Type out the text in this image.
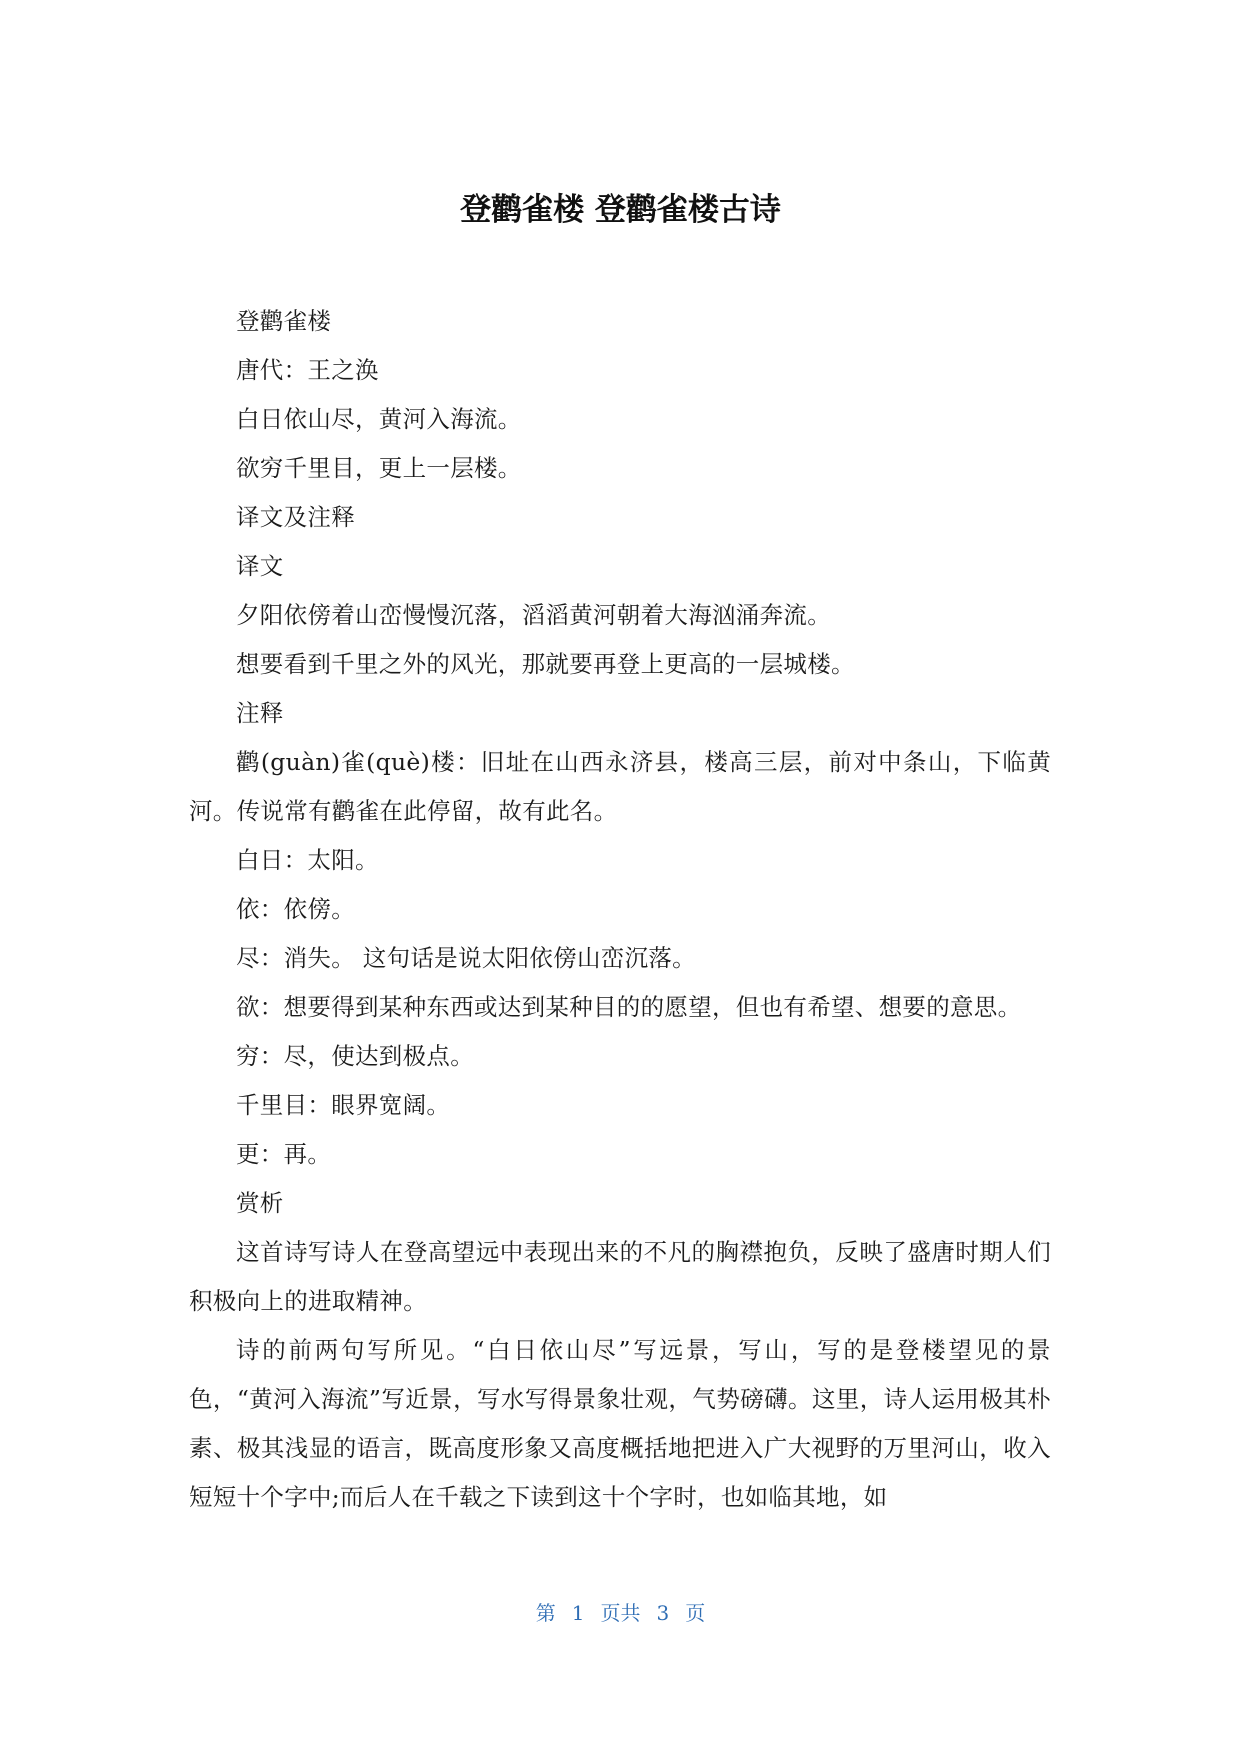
登鹳雀楼 登鹳雀楼古诗

登鹳雀楼

唐代：王之涣

白日依山尽，黄河入海流。

欲穷千里目，更上一层楼。

译文及注释

译文

夕阳依傍着山峦慢慢沉落，滔滔黄河朝着大海汹涌奔流。

想要看到千里之外的风光，那就要再登上更高的一层城楼。

注释

鹳(guàn)雀(què)楼：旧址在山西永济县，楼高三层，前对中条山，下临黄河。传说常有鹳雀在此停留，故有此名。

白日：太阳。

依：依傍。

尽：消失。 这句话是说太阳依傍山峦沉落。

欲：想要得到某种东西或达到某种目的的愿望，但也有希望、想要的意思。

穷：尽，使达到极点。

千里目：眼界宽阔。

更：再。

赏析

这首诗写诗人在登高望远中表现出来的不凡的胸襟抱负，反映了盛唐时期人们积极向上的进取精神。

诗的前两句写所见。“白日依山尽”写远景，写山，写的是登楼望见的景色，“黄河入海流”写近景，写水写得景象壮观，气势磅礴。这里，诗人运用极其朴素、极其浅显的语言，既高度形象又高度概括地把进入广大视野的万里河山，收入短短十个字中;而后人在千载之下读到这十个字时，也如临其地，如

第 1 页共 3 页
